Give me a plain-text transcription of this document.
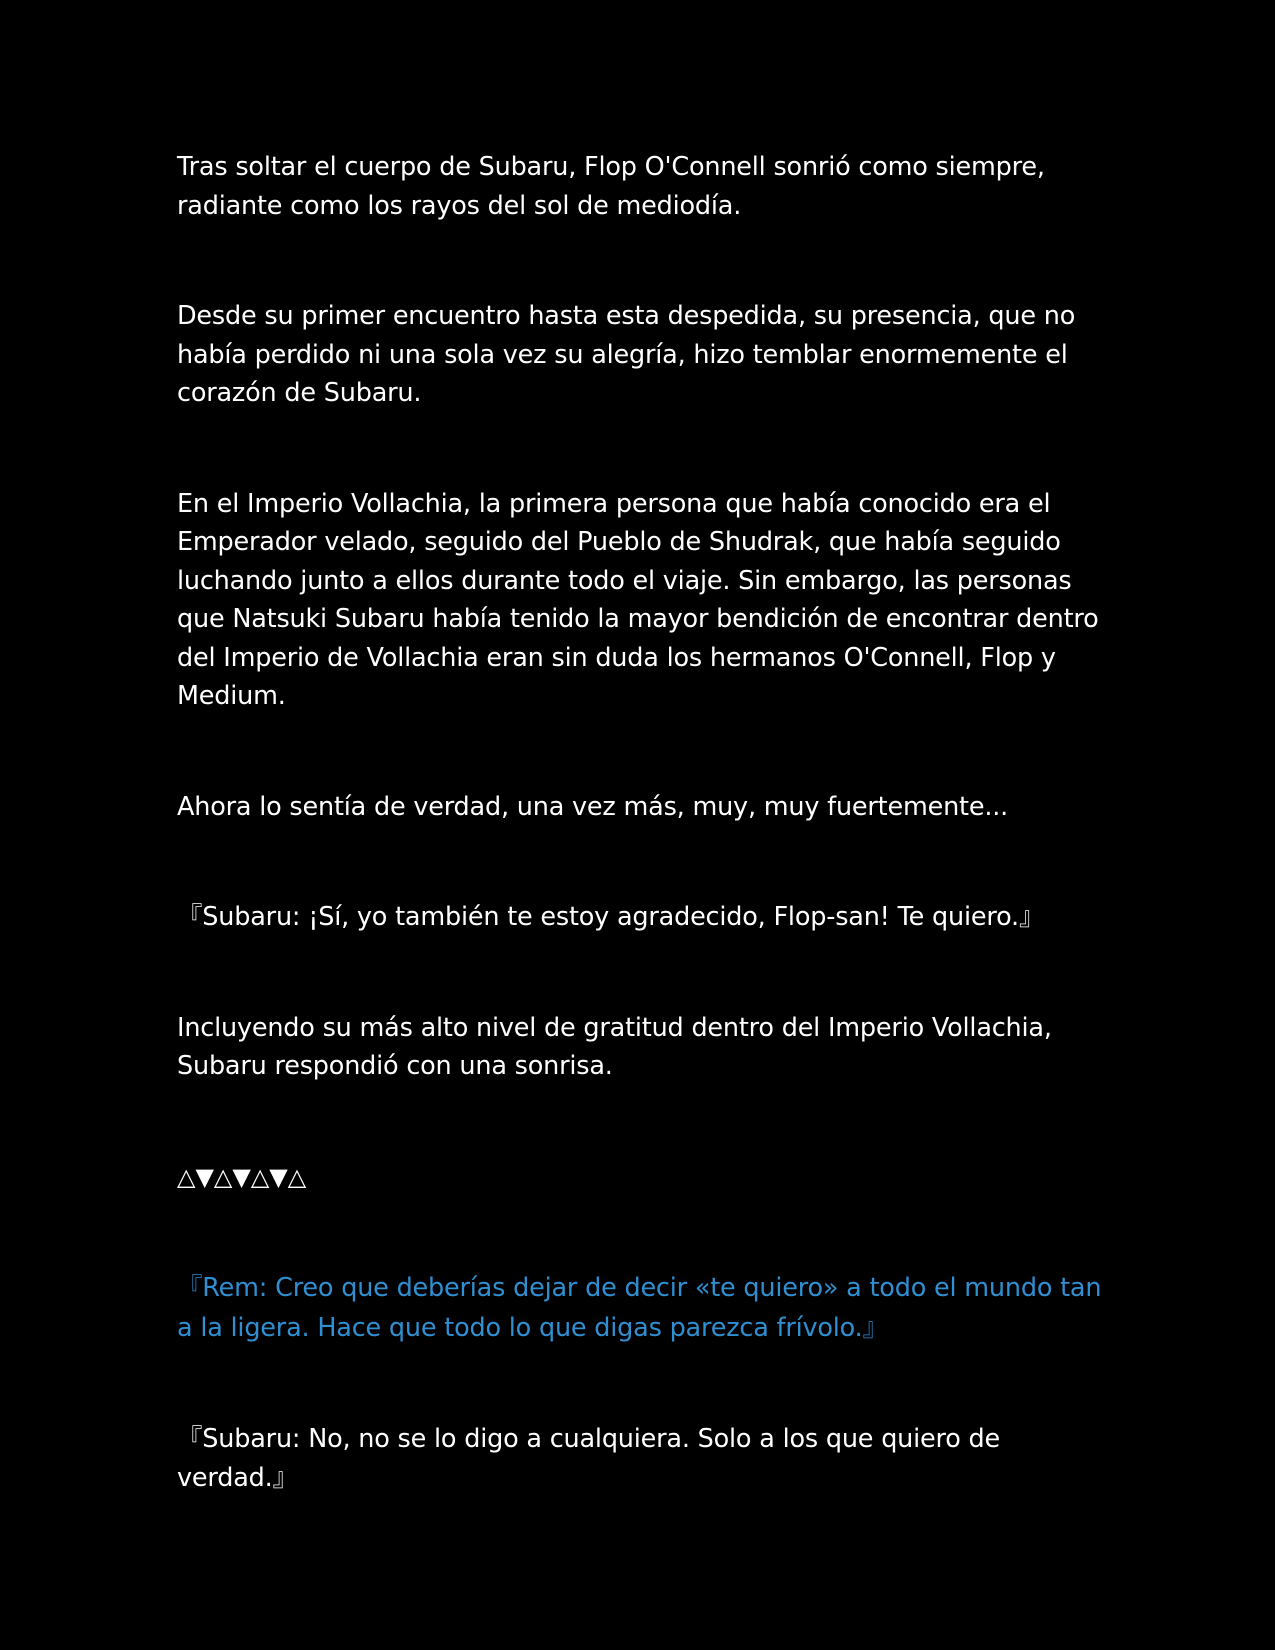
Tras soltar el cuerpo de Subaru, Flop O'Connell sonrió como siempre, radiante como los rayos del sol de mediodía.

Desde su primer encuentro hasta esta despedida, su presencia, que no había perdido ni una sola vez su alegría, hizo temblar enormemente el corazón de Subaru.

En el Imperio Vollachia, la primera persona que había conocido era el Emperador velado, seguido del Pueblo de Shudrak, que había seguido luchando junto a ellos durante todo el viaje. Sin embargo, las personas que Natsuki Subaru había tenido la mayor bendición de encontrar dentro del Imperio de Vollachia eran sin duda los hermanos O'Connell, Flop y Medium.

Ahora lo sentía de verdad, una vez más, muy, muy fuertemente...

『Subaru: ¡Sí, yo también te estoy agradecido, Flop-san! Te quiero.』

Incluyendo su más alto nivel de gratitud dentro del Imperio Vollachia, Subaru respondió con una sonrisa.

△▼△▼△▼△

『Rem: Creo que deberías dejar de decir «te quiero» a todo el mundo tan a la ligera. Hace que todo lo que digas parezca frívolo.』

『Subaru: No, no se lo digo a cualquiera. Solo a los que quiero de verdad.』
